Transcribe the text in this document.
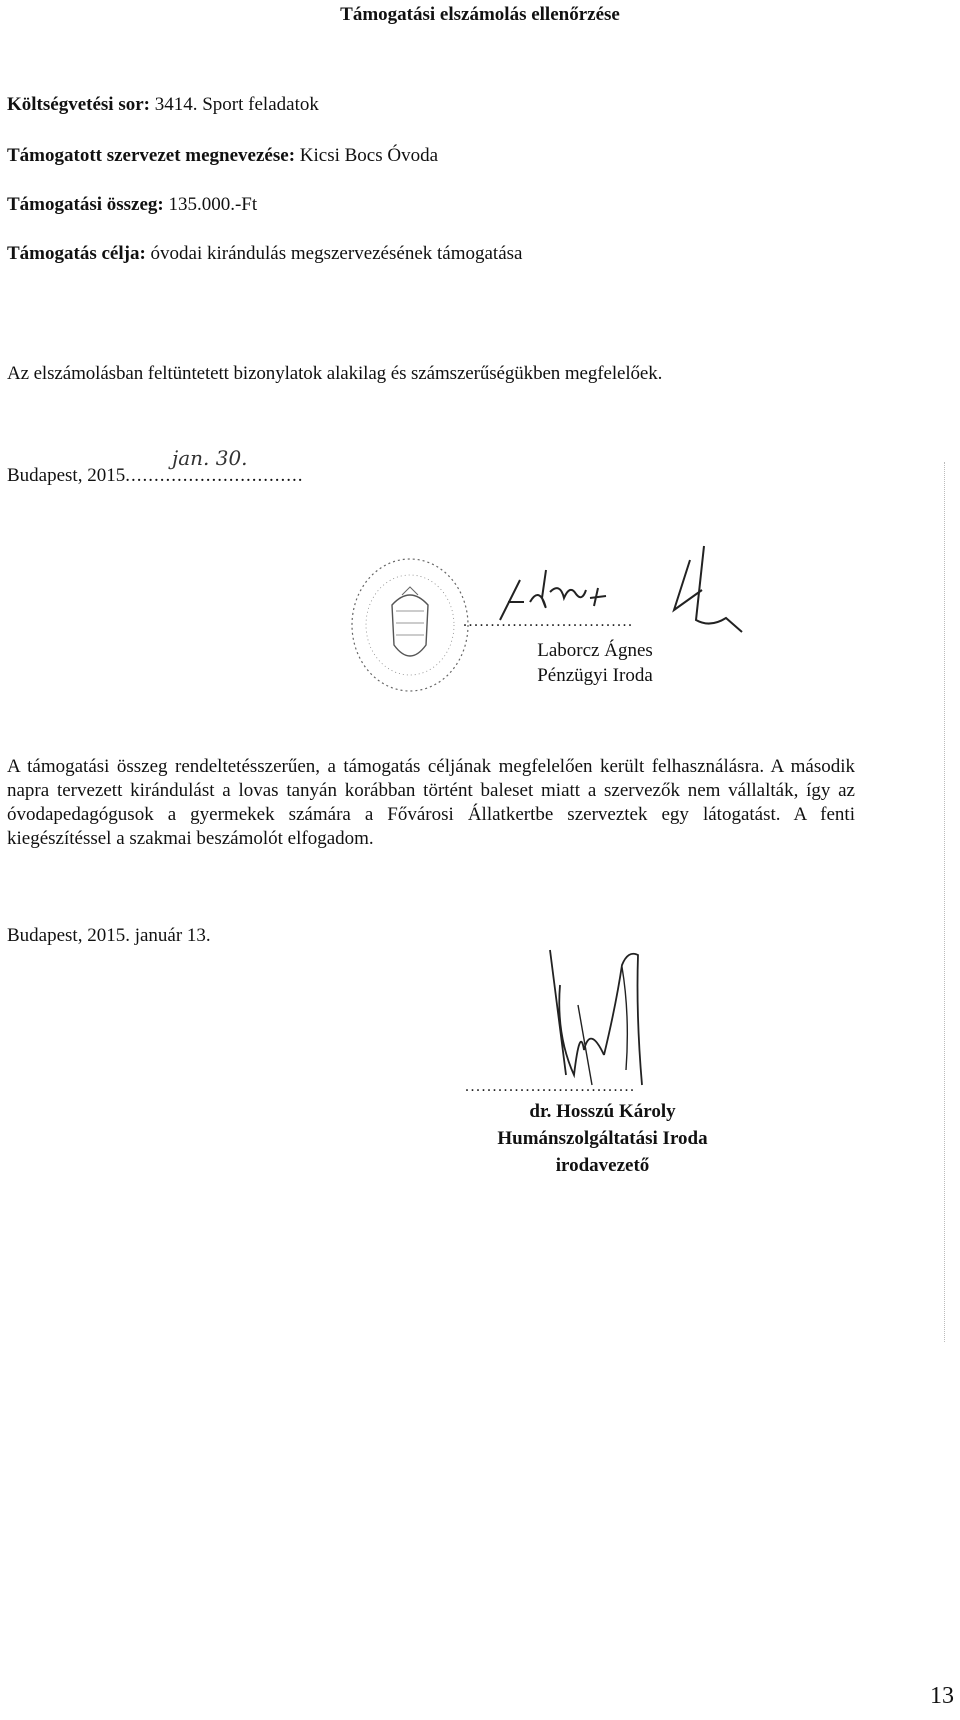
Támogatási elszámolás ellenőrzése
Költségvetési sor: 3414. Sport feladatok
Támogatott szervezet megnevezése: Kicsi Bocs Óvoda
Támogatási összeg: 135.000.-Ft
Támogatás célja: óvodai kirándulás megszervezésének támogatása
Az elszámolásban feltüntetett bizonylatok alakilag és számszerűségükben megfelelőek.
Budapest, 2015...............................
jan. 30.
...............................
Laborcz Ágnes
Pénzügyi Iroda
A támogatási összeg rendeltetésszerűen, a támogatás céljának megfelelően került felhasználásra. A második napra tervezett kirándulást a lovas tanyán korábban történt baleset miatt a szervezők nem vállalták, így az óvodapedagógusok a gyermekek számára a Fővárosi Állatkertbe szerveztek egy látogatást. A fenti kiegészítéssel a szakmai beszámolót elfogadom.
Budapest, 2015. január 13.
...............................
dr. Hosszú Károly
Humánszolgáltatási Iroda
irodavezető
13
